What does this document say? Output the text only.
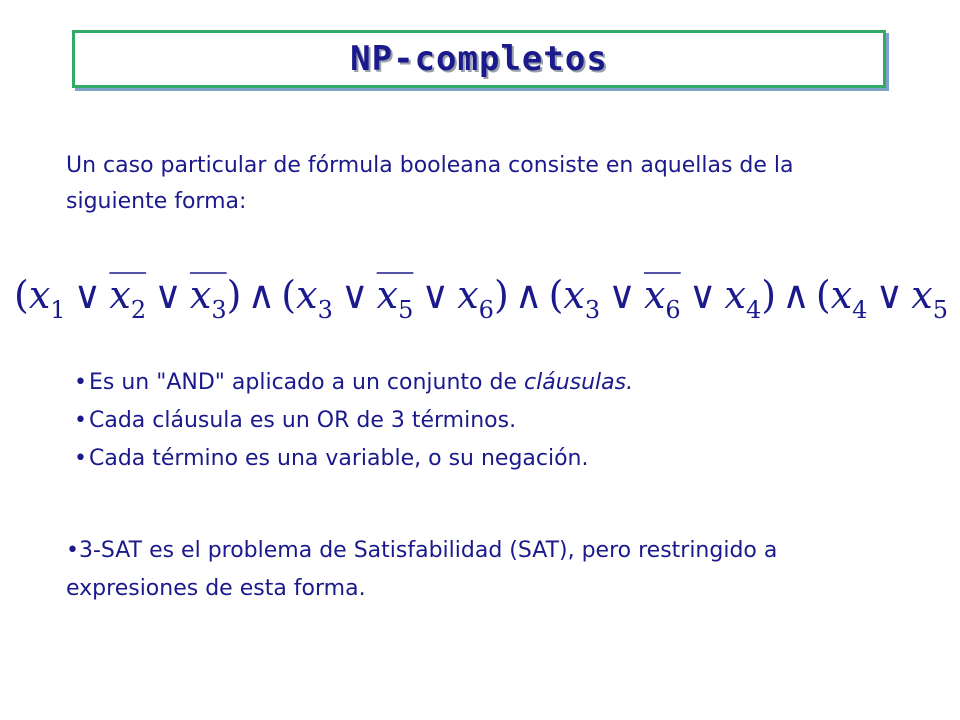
NP-completos
Un caso particular de fórmula booleana consiste en aquellas de la siguiente forma:
( x 1 ∨ x 2 ∨ x 3 ) ∧ ( x 3 ∨ x 5 ∨ x 6 ) ∧ ( x 3 ∨ x 6 ∨ x 4 ) ∧ ( x 4 ∨ x 5
•Es un "AND" aplicado a un conjunto de cláusulas.
•Cada cláusula es un OR de 3 términos.
•Cada término es una variable, o su negación.
•3-SAT es el problema de Satisfabilidad (SAT), pero restringido a expresiones de esta forma.
